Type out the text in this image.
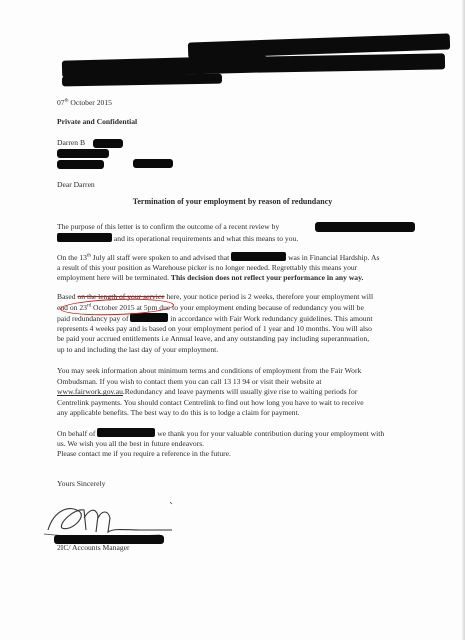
07th October 2015
Private and Confidential
Darren B
Dear Darren
Termination of your employment by reason of redundancy
The purpose of this letter is to confirm the outcome of a recent review by
and its operational requirements and what this means to you.
On the 13th July all staff were spoken to and advised that	was in Financial Hardship. As
a result of this your position as Warehouse picker is no longer needed. Regrettably this means your
employment here will be terminated. This decision does not reflect your performance in any way.
Based on the length of your service here, your notice period is 2 weeks, therefore your employment will
end on 23rd October 2015 at 5pm due to your employment ending because of redundancy you will be
paid redundancy pay of	in accordance with Fair Work redundancy guidelines. This amount
represents 4 weeks pay and is based on your employment period of 1 year and 10 months. You will also
be paid your accrued entitlements i.e Annual leave, and any outstanding pay including superannuation,
up to and including the last day of your employment.
You may seek information about minimum terms and conditions of employment from the Fair Work
Ombudsman. If you wish to contact them you can call 13 13 94 or visit their website at
www.fairwork.gov.au.Redundancy and leave payments will usually give rise to waiting periods for
Centrelink payments. You should contact Centrelink to find out how long you have to wait to receive
any applicable benefits. The best way to do this is to lodge a claim for payment.
On behalf of	we thank you for your valuable contribution during your employment with
us. We wish you all the best in future endeavors.
Please contact me if you require a reference in the future.
Yours Sincerely
2IC/ Accounts Manager
